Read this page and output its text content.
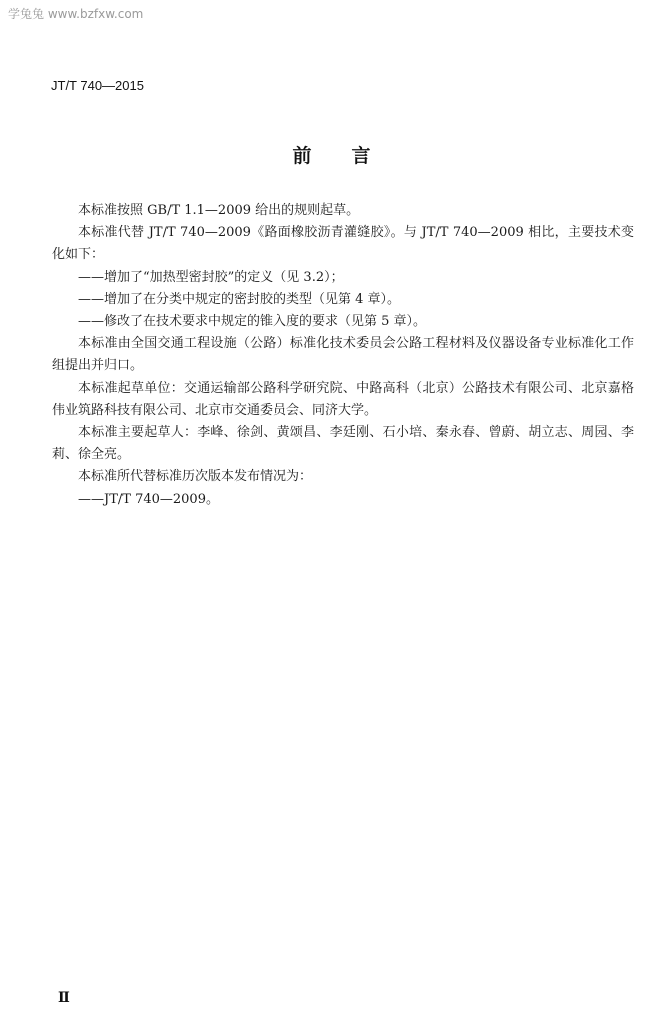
学兔兔 www.bzfxw.com
JT/T 740—2015
前 言

本标准按照 GB/T 1.1—2009 给出的规则起草。

本标准代替 JT/T 740—2009《路面橡胶沥青灌缝胶》。与 JT/T 740—2009 相比，主要技术变化如下：

——增加了“加热型密封胶”的定义（见 3.2）；

——增加了在分类中规定的密封胶的类型（见第 4 章）。

——修改了在技术要求中规定的锥入度的要求（见第 5 章）。

本标准由全国交通工程设施（公路）标准化技术委员会公路工程材料及仪器设备专业标准化工作组提出并归口。

本标准起草单位：交通运输部公路科学研究院、中路高科（北京）公路技术有限公司、北京嘉格伟业筑路科技有限公司、北京市交通委员会、同济大学。

本标准主要起草人：李峰、徐剑、黄颂昌、李廷刚、石小培、秦永春、曾蔚、胡立志、周园、李莉、徐全亮。

本标准所代替标准历次版本发布情况为：

——JT/T 740—2009。

Ⅱ
